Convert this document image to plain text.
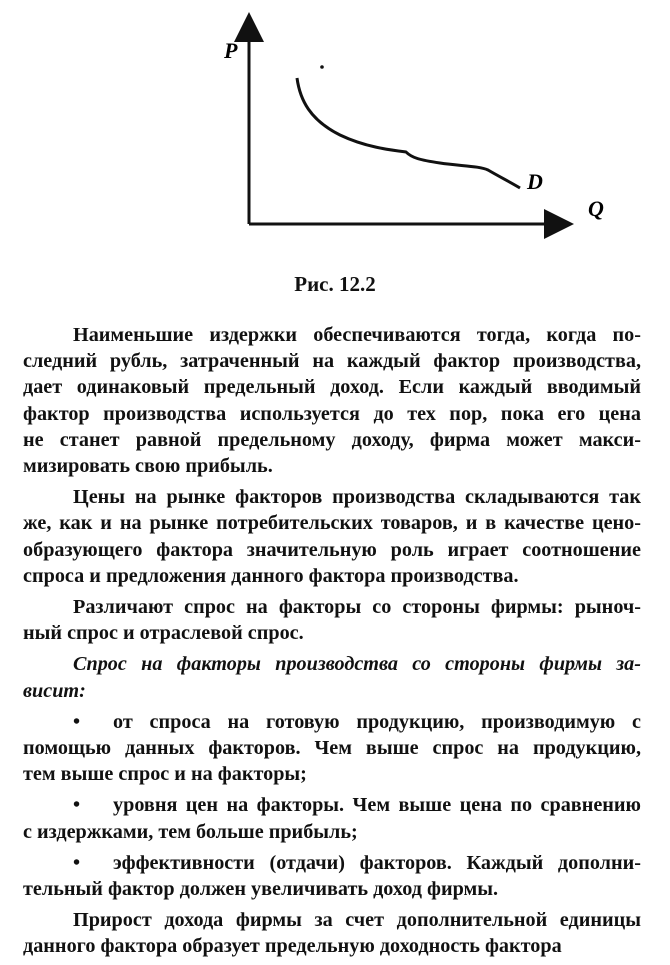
P
Q
D
Рис. 12.2

Наименьшие издержки обеспечиваются тогда, когда по-
следний рубль, затраченный на каждый фактор производства,
дает одинаковый предельный доход. Если каждый вводимый
фактор производства используется до тех пор, пока его цена
не станет равной предельному доходу, фирма может макси-
мизировать свою прибыль.

Цены на рынке факторов производства складываются так
же, как и на рынке потребительских товаров, и в качестве цено-
образующего фактора значительную роль играет соотношение
спроса и предложения данного фактора производства.

Различают спрос на факторы со стороны фирмы: рыноч-
ный спрос и отраслевой спрос.

Спрос на факторы производства со стороны фирмы за-
висит:

• от спроса на готовую продукцию, производимую с
помощью данных факторов. Чем выше спрос на продукцию,
тем выше спрос и на факторы;

• уровня цен на факторы. Чем выше цена по сравнению
с издержками, тем больше прибыль;

• эффективности (отдачи) факторов. Каждый дополни-
тельный фактор должен увеличивать доход фирмы.

Прирост дохода фирмы за счет дополнительной единицы
данного фактора образует предельную доходность фактора
